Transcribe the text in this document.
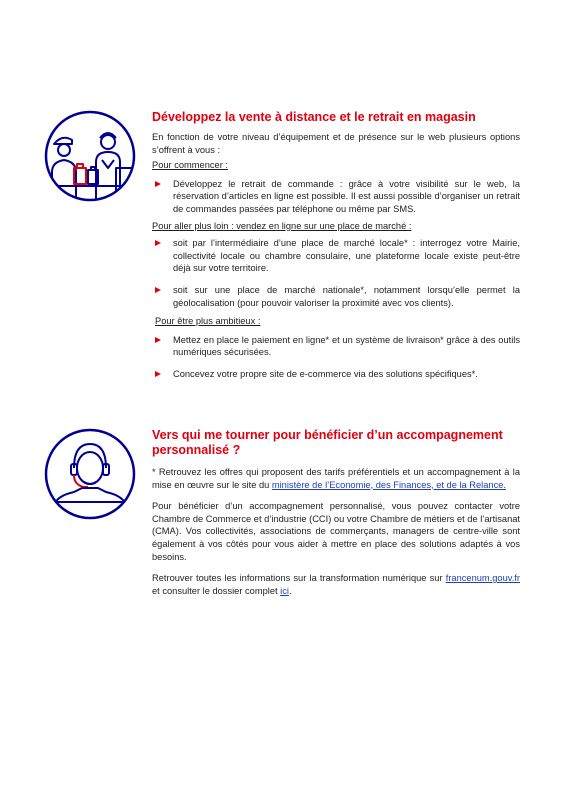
Développez la vente à distance et le retrait en magasin

En fonction de votre niveau d’équipement et de présence sur le web plusieurs options s’offrent à vous :

Pour commencer :
Développez le retrait de commande : grâce à votre visibilité sur le web, la réservation d’articles en ligne est possible. Il est aussi possible d’organiser un retrait de commandes passées par téléphone ou même par SMS.
Pour aller plus loin : vendez en ligne sur une place de marché :
soit par l’intermédiaire d’une place de marché locale* : interrogez votre Mairie, collectivité locale ou chambre consulaire, une plateforme locale existe peut-être déjà sur votre territoire.
soit sur une place de marché nationale*, notamment lorsqu’elle permet la géolocalisation (pour pouvoir valoriser la proximité avec vos clients).
Pour être plus ambitieux :
Mettez en place le paiement en ligne* et un système de livraison* grâce à des outils numériques sécurisées.
Concevez votre propre site de e-commerce via des solutions spécifiques*.
Vers qui me tourner pour bénéficier d’un accompagnement personnalisé ?

* Retrouvez les offres qui proposent des tarifs préférentiels et un accompagnement à la mise en œuvre sur le site du ministère de l’Economie, des Finances, et de la Relance.

Pour bénéficier d’un accompagnement personnalisé, vous pouvez contacter votre Chambre de Commerce et d’industrie (CCI) ou votre Chambre de métiers et de l’artisanat (CMA). Vos collectivités, associations de commerçants, managers de centre-ville sont également à vos côtés pour vous aider à mettre en place des solutions adaptés à vos besoins.

Retrouver toutes les informations sur la transformation numérique sur francenum.gouv.fr et consulter le dossier complet ici.
